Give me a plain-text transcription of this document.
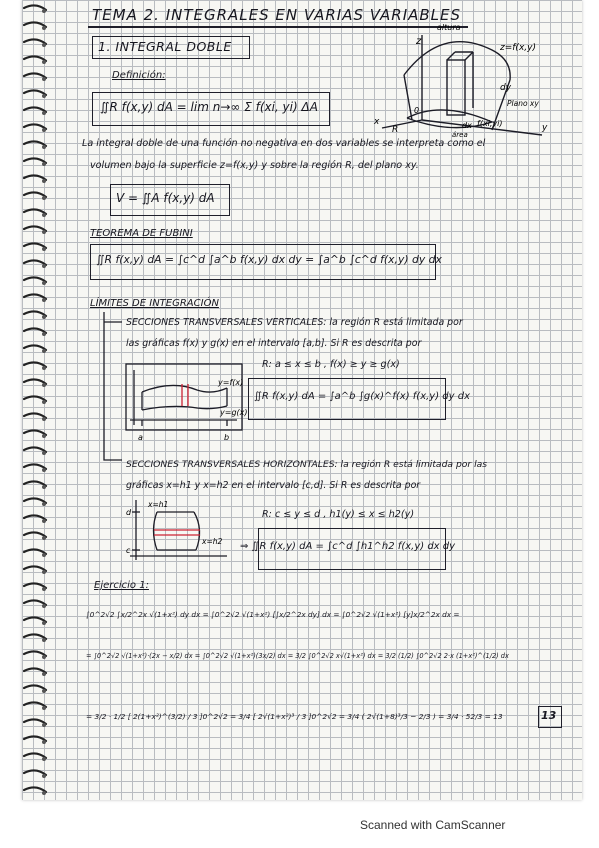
TEMA 2. INTEGRALES EN VARIAS VARIABLES
1. INTEGRAL DOBLE
Definición:
∬R f(x,y) dA = lim n→∞ Σ f(xi, yi) ΔA
z
altura
z=f(x,y)
dy
dx
x
y
R
0
Plano xy
área
f(xi,yi)
La integral doble de una función no negativa en dos variables se interpreta como el
volumen bajo la superficie z=f(x,y) y sobre la región R, del plano xy.
V = ∬A f(x,y) dA
TEOREMA DE FUBINI
∬R f(x,y) dA = ∫c^d ∫a^b f(x,y) dx dy = ∫a^b ∫c^d f(x,y) dy dx
LÍMITES DE INTEGRACIÓN
SECCIONES TRANSVERSALES VERTICALES: la región R está limitada por
las gráficas f(x) y g(x) en el intervalo [a,b]. Si R es descrita por
R: a ≤ x ≤ b , f(x) ≥ y ≥ g(x)
y=f(x)
y=g(x)
a	b
∬R f(x,y) dA = ∫a^b ∫g(x)^f(x) f(x,y) dy dx
SECCIONES TRANSVERSALES HORIZONTALES: la región R está limitada por las
gráficas x=h1 y x=h2 en el intervalo [c,d]. Si R es descrita por
R: c ≤ y ≤ d , h1(y) ≤ x ≤ h2(y)
x=h1
x=h2
c
d
⇒ ∬R f(x,y) dA = ∫c^d ∫h1^h2 f(x,y) dx dy
Ejercicio 1:
∫0^2√2 ∫x/2^2x √(1+x²) dy dx = ∫0^2√2 √(1+x²) [∫x/2^2x dy] dx = ∫0^2√2 √(1+x²) [y]x/2^2x dx =
= ∫0^2√2 √(1+x²)·(2x − x/2) dx = ∫0^2√2 √(1+x²)(3x/2) dx = 3/2 ∫0^2√2 x√(1+x²) dx = 3/2 (1/2) ∫0^2√2 2·x (1+x²)^(1/2) dx
= 3/2 · 1/2 [ 2(1+x²)^(3/2) / 3 ]0^2√2 = 3/4 [ 2√(1+x²)³ / 3 ]0^2√2 = 3/4 ( 2√(1+8)³/3 − 2/3 ) = 3/4 · 52/3 = 13	13
Scanned with CamScanner
